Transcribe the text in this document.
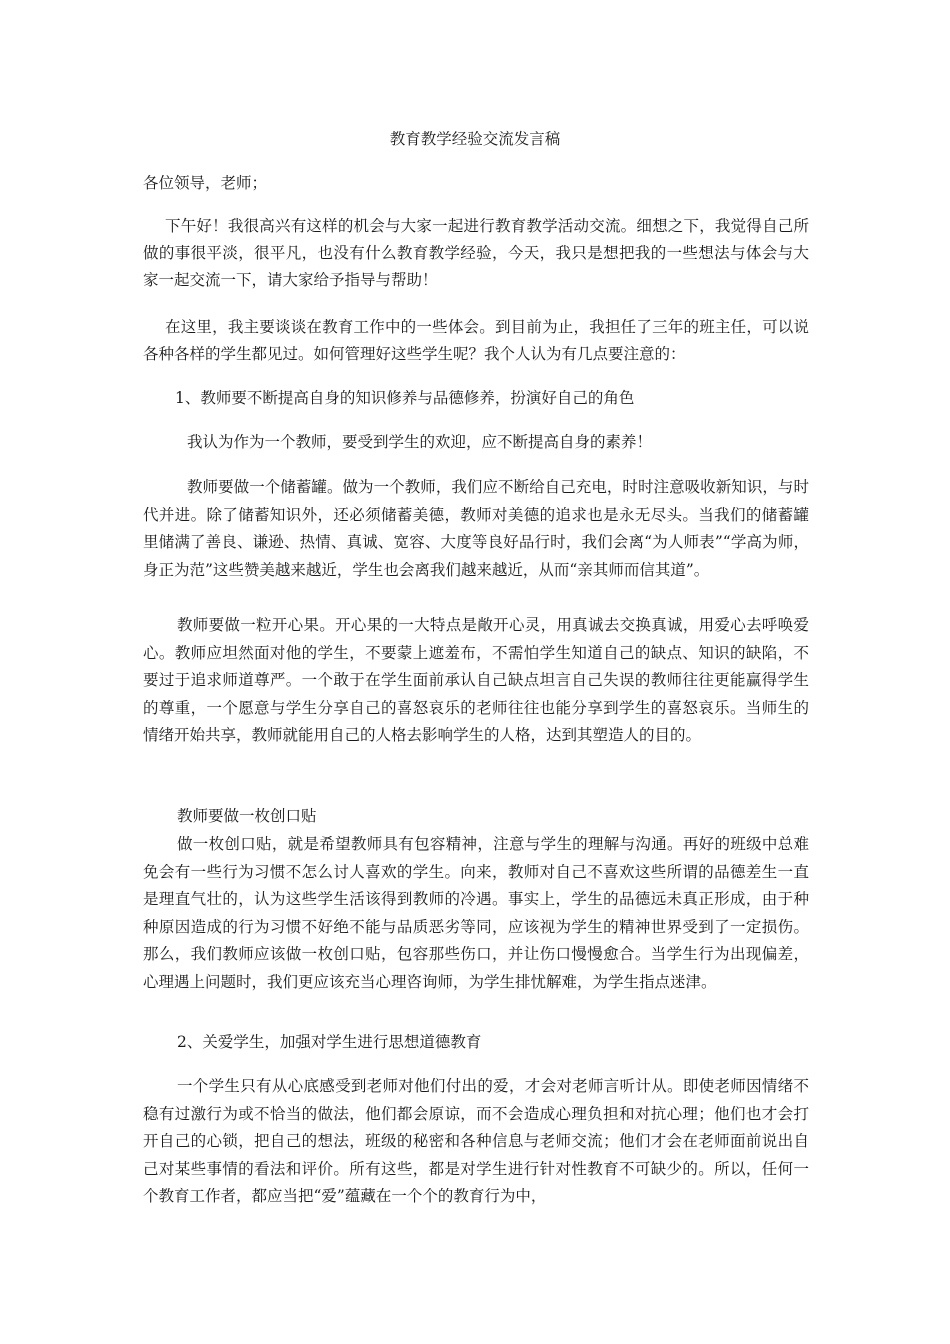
教育教学经验交流发言稿

各位领导，老师；

下午好！我很高兴有这样的机会与大家一起进行教育教学活动交流。细想之下，我觉得自己所做的事很平淡，很平凡，也没有什么教育教学经验，今天，我只是想把我的一些想法与体会与大家一起交流一下，请大家给予指导与帮助！

在这里，我主要谈谈在教育工作中的一些体会。到目前为止，我担任了三年的班主任，可以说各种各样的学生都见过。如何管理好这些学生呢？我个人认为有几点要注意的：

1、教师要不断提高自身的知识修养与品德修养，扮演好自己的角色

我认为作为一个教师，要受到学生的欢迎，应不断提高自身的素养！

教师要做一个储蓄罐。做为一个教师，我们应不断给自己充电，时时注意吸收新知识，与时代并进。除了储蓄知识外，还必须储蓄美德，教师对美德的追求也是永无尽头。当我们的储蓄罐里储满了善良、谦逊、热情、真诚、宽容、大度等良好品行时，我们会离“为人师表”“学高为师，身正为范”这些赞美越来越近，学生也会离我们越来越近，从而“亲其师而信其道”。

教师要做一粒开心果。开心果的一大特点是敞开心灵，用真诚去交换真诚，用爱心去呼唤爱心。教师应坦然面对他的学生，不要蒙上遮羞布，不需怕学生知道自己的缺点、知识的缺陷，不要过于追求师道尊严。一个敢于在学生面前承认自己缺点坦言自己失误的教师往往更能赢得学生的尊重，一个愿意与学生分享自己的喜怒哀乐的老师往往也能分享到学生的喜怒哀乐。当师生的情绪开始共享，教师就能用自己的人格去影响学生的人格，达到其塑造人的目的。

教师要做一枚创口贴

做一枚创口贴，就是希望教师具有包容精神，注意与学生的理解与沟通。再好的班级中总难免会有一些行为习惯不怎么讨人喜欢的学生。向来，教师对自己不喜欢这些所谓的品德差生一直是理直气壮的，认为这些学生活该得到教师的冷遇。事实上，学生的品德远未真正形成，由于种种原因造成的行为习惯不好绝不能与品质恶劣等同，应该视为学生的精神世界受到了一定损伤。那么，我们教师应该做一枚创口贴，包容那些伤口，并让伤口慢慢愈合。当学生行为出现偏差，心理遇上问题时，我们更应该充当心理咨询师，为学生排忧解难，为学生指点迷津。

2、关爱学生，加强对学生进行思想道德教育

一个学生只有从心底感受到老师对他们付出的爱，才会对老师言听计从。即使老师因情绪不稳有过激行为或不恰当的做法，他们都会原谅，而不会造成心理负担和对抗心理；他们也才会打开自己的心锁，把自己的想法，班级的秘密和各种信息与老师交流；他们才会在老师面前说出自己对某些事情的看法和评价。所有这些，都是对学生进行针对性教育不可缺少的。所以，任何一个教育工作者，都应当把“爱”蕴藏在一个个的教育行为中，
